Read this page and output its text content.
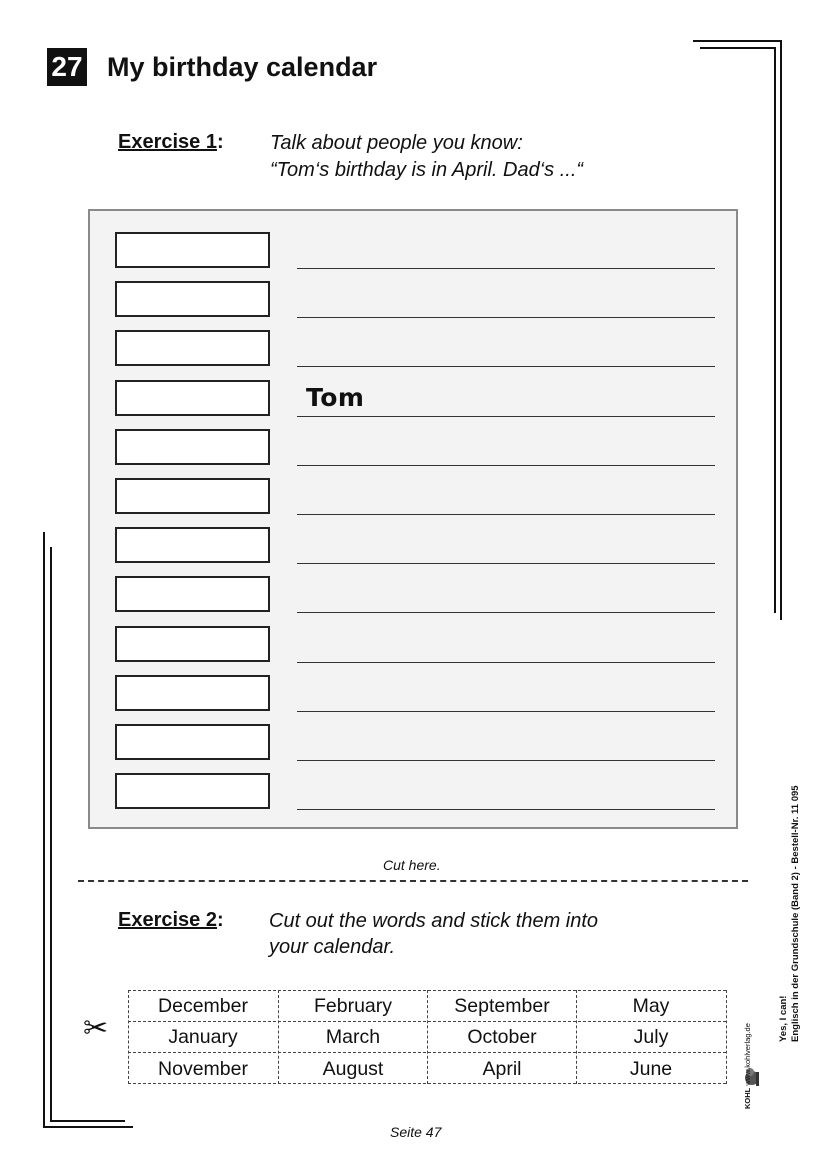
27 My birthday calendar
Exercise 1: Talk about people you know:
“Tom‘s birthday is in April. Dad‘s ...“
Tom
Cut here.
Exercise 2: Cut out the words and stick them into
your calendar.
✂
December
January
November
February
March
August
September
October
April
May
July
June
Yes, I can! Englisch in der Grundschule (Band 2) - Bestell-Nr. 11 095
KOHL www.kohlverlag.de
Seite 47
